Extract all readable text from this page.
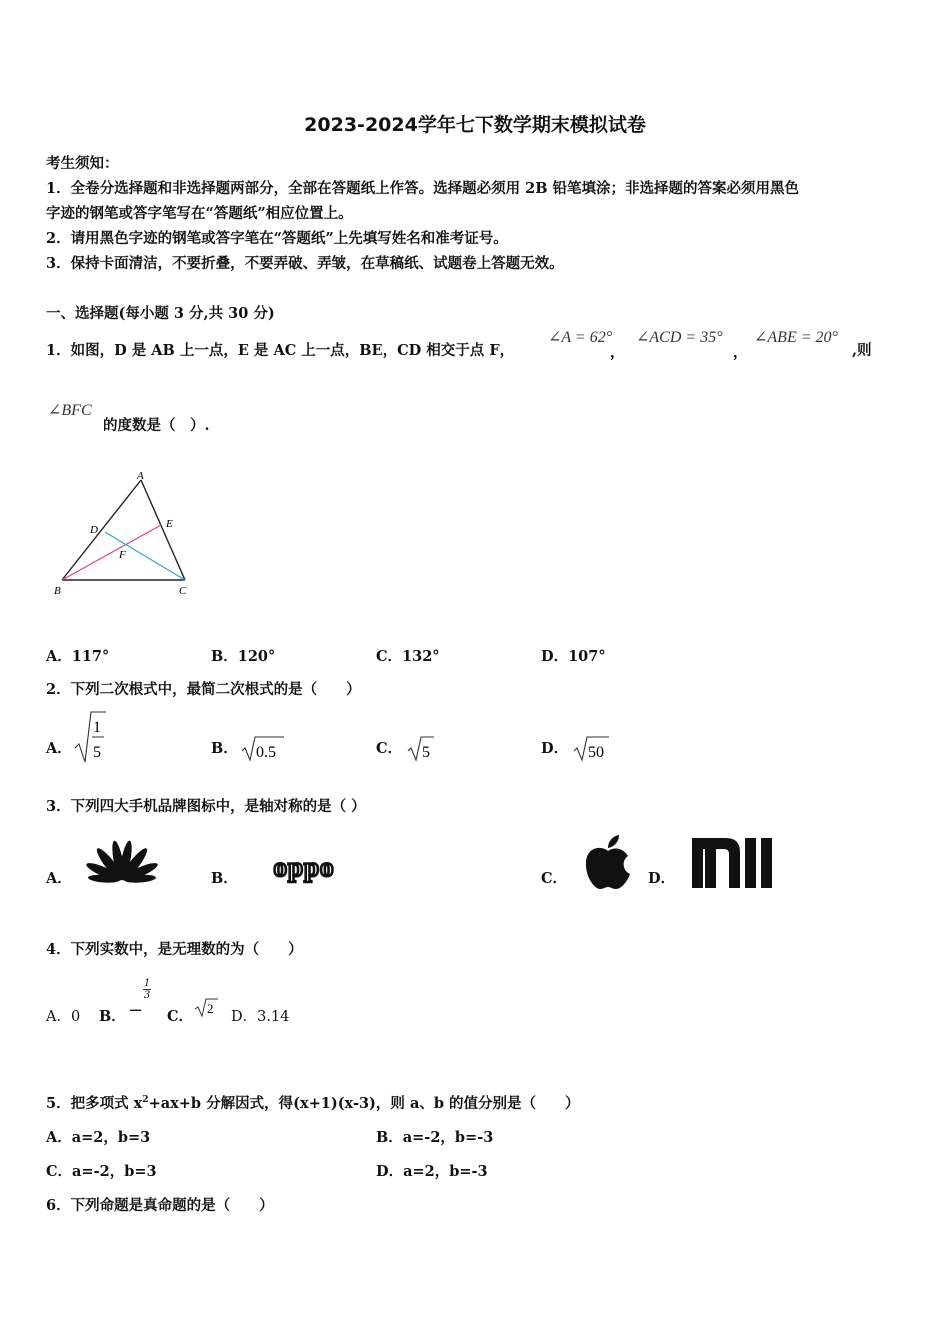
2023-2024学年七下数学期末模拟试卷
考生须知：
1．全卷分选择题和非选择题两部分，全部在答题纸上作答。选择题必须用 2B 铅笔填涂；非选择题的答案必须用黑色
字迹的钢笔或答字笔写在“答题纸”相应位置上。
2．请用黑色字迹的钢笔或答字笔在“答题纸”上先填写姓名和准考证号。
3．保持卡面清洁，不要折叠，不要弄破、弄皱，在草稿纸、试题卷上答题无效。
一、选择题(每小题 3 分,共 30 分)
1．如图，D 是 AB 上一点，E 是 AC 上一点，BE，CD 相交于点 F，
∠A = 62°
，
∠ACD = 35°
，
∠ABE = 20°
,则
∠BFC
的度数是（　）.
A
B	C
D	E
F
A．117°	B．120°	C．132°	D．107°
2．下列二次根式中，最简二次根式的是（　　）
A．
1
5	B． 0.5	C． 5	D． 50
3．下列四大手机品牌图标中，是轴对称的是（ ）
A．	B． oppo	C．	D．
4．下列实数中，是无理数的为（　　）
A．0 B． −
$\frac{1}{3}$
C． 2
D．3.14
5．把多项式 $x^2+ax+b$ 分解因式，得(x+1)(x-3)，则 a、b 的值分别是（　　）
A．a=2，b=3	B．a=-2，b=-3
C．a=-2，b=3	D．a=2，b=-3
6．下列命题是真命题的是（　　）
